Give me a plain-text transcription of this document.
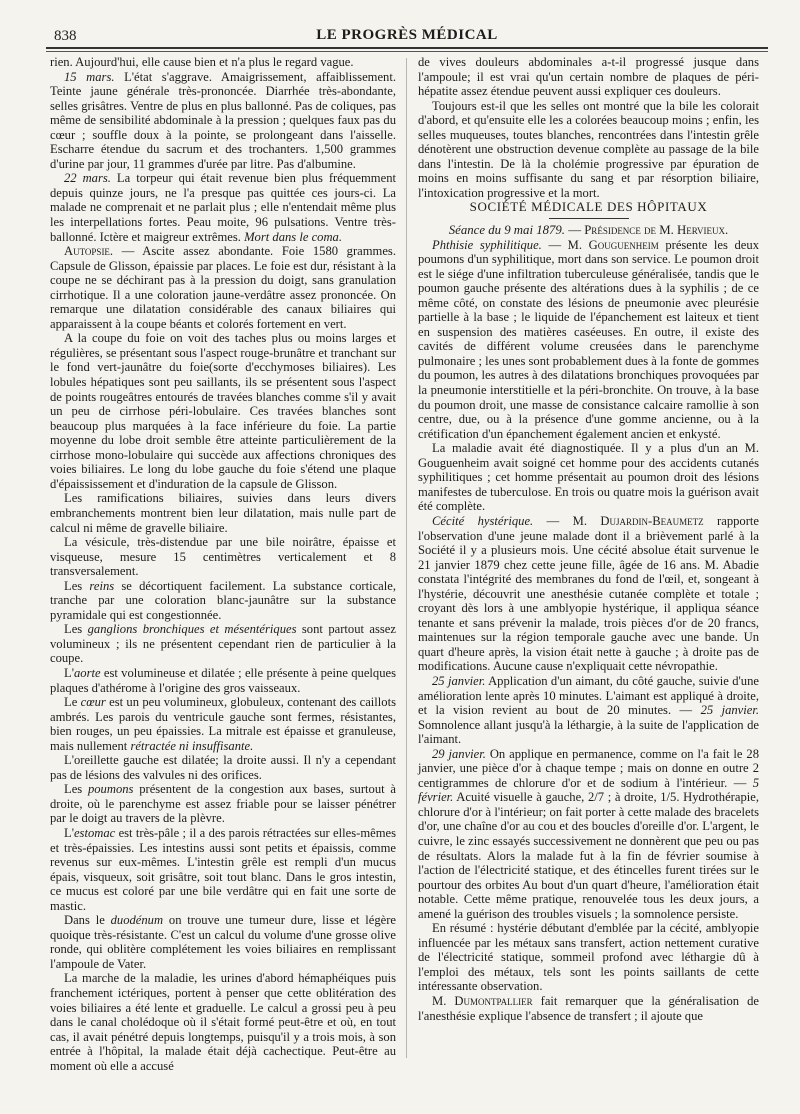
838	LE PROGRÈS MÉDICAL

rien. Aujourd'hui, elle cause bien et n'a plus le regard vague.

15 mars. L'état s'aggrave. Amaigrissement, affaiblissement. Teinte jaune générale très-prononcée. Diarrhée très-abondante, selles grisâtres. Ventre de plus en plus ballonné. Pas de coliques, pas même de sensibilité abdominale à la pression ; quelques faux pas du cœur ; souffle doux à la pointe, se prolongeant dans l'aisselle. Escharre étendue du sacrum et des trochanters. 1,500 grammes d'urine par jour, 11 grammes d'urée par litre. Pas d'albumine.

22 mars. La torpeur qui était revenue bien plus fréquemment depuis quinze jours, ne l'a presque pas quittée ces jours-ci. La malade ne comprenait et ne parlait plus ; elle n'entendait même plus les interpellations fortes. Peau moite, 96 pulsations. Ventre très-ballonné. Ictère et maigreur extrêmes. Mort dans le coma.

Autopsie. — Ascite assez abondante. Foie 1580 grammes. Capsule de Glisson, épaissie par places. Le foie est dur, résistant à la coupe ne se déchirant pas à la pression du doigt, sans granulation cirrhotique. Il a une coloration jaune-verdâtre assez prononcée. On remarque une dilatation considérable des canaux biliaires qui apparaissent à la coupe béants et colorés fortement en vert.

A la coupe du foie on voit des taches plus ou moins larges et régulières, se présentant sous l'aspect rouge-brunâtre et tranchant sur le fond vert-jaunâtre du foie(sorte d'ecchymoses biliaires). Les lobules hépatiques sont peu saillants, ils se présentent sous l'aspect de points rougeâtres entourés de travées blanches comme s'il y avait un peu de cirrhose péri-lobulaire. Ces travées blanches sont beaucoup plus marquées à la face inférieure du foie. La partie moyenne du lobe droit semble être atteinte particulièrement de la cirrhose mono-lobulaire qui succède aux affections chroniques des voies biliaires. Le long du lobe gauche du foie s'étend une plaque d'épaississement et d'induration de la capsule de Glisson.

Les ramifications biliaires, suivies dans leurs divers embranchements montrent bien leur dilatation, mais nulle part de calcul ni même de gravelle biliaire.

La vésicule, très-distendue par une bile noirâtre, épaisse et visqueuse, mesure 15 centimètres verticalement et 8 transversalement.

Les reins se décortiquent facilement. La substance corticale, tranche par une coloration blanc-jaunâtre sur la substance pyramidale qui est congestionnée.

Les ganglions bronchiques et mésentériques sont partout assez volumineux ; ils ne présentent cependant rien de particulier à la coupe.

L'aorte est volumineuse et dilatée ; elle présente à peine quelques plaques d'athérome à l'origine des gros vaisseaux.

Le cœur est un peu volumineux, globuleux, contenant des caillots ambrés. Les parois du ventricule gauche sont fermes, résistantes, bien rouges, un peu épaissies. La mitrale est épaisse et granuleuse, mais nullement rétractée ni insuffisante.

L'oreillette gauche est dilatée; la droite aussi. Il n'y a cependant pas de lésions des valvules ni des orifices.

Les poumons présentent de la congestion aux bases, surtout à droite, où le parenchyme est assez friable pour se laisser pénétrer par le doigt au travers de la plèvre.

L'estomac est très-pâle ; il a des parois rétractées sur elles-mêmes et très-épaissies. Les intestins aussi sont petits et épaissis, comme revenus sur eux-mêmes. L'intestin grêle est rempli d'un mucus épais, visqueux, soit grisâtre, soit tout blanc. Dans le gros intestin, ce mucus est coloré par une bile verdâtre qui en fait une sorte de mastic.

Dans le duodénum on trouve une tumeur dure, lisse et légère quoique très-résistante. C'est un calcul du volume d'une grosse olive ronde, qui oblitère complétement les voies biliaires en remplissant l'ampoule de Vater.

La marche de la maladie, les urines d'abord hémaphéiques puis franchement ictériques, portent à penser que cette oblitération des voies biliaires a été lente et graduelle. Le calcul a grossi peu à peu dans le canal cholédoque où il s'était formé peut-être et où, en tout cas, il avait pénétré depuis longtemps, puisqu'il y a trois mois, à son entrée à l'hôpital, la malade était déjà cachectique. Peut-être au moment où elle a accusé

de vives douleurs abdominales a-t-il progressé jusque dans l'ampoule; il est vrai qu'un certain nombre de plaques de péri-hépatite assez étendue peuvent aussi expliquer ces douleurs.

Toujours est-il que les selles ont montré que la bile les colorait d'abord, et qu'ensuite elle les a colorées beaucoup moins ; enfin, les selles muqueuses, toutes blanches, rencontrées dans l'intestin grêle dénotèrent une obstruction devenue complète au passage de la bile dans l'intestin. De là la cholémie progressive par épuration de moins en moins suffisante du sang et par résorption biliaire, l'intoxication progressive et la mort.

SOCIÉTÉ MÉDICALE DES HÔPITAUX

Séance du 9 mai 1879. — Présidence de M. Hervieux.

Phthisie syphilitique. — M. Gouguenheim présente les deux poumons d'un syphilitique, mort dans son service. Le poumon droit est le siége d'une infiltration tuberculeuse généralisée, tandis que le poumon gauche présente des altérations dues à la syphilis ; de ce même côté, on constate des lésions de pneumonie avec pleurésie partielle à la base ; le liquide de l'épanchement est laiteux et tient en suspension des matières caséeuses. En outre, il existe des cavités de différent volume creusées dans le parenchyme pulmonaire ; les unes sont probablement dues à la fonte de gommes du poumon, les autres à des dilatations bronchiques provoquées par la pneumonie interstitielle et la péri-bronchite. On trouve, à la base du poumon droit, une masse de consistance calcaire ramollie à son centre, due, ou à la présence d'une gomme ancienne, ou à la crétification d'un épanchement également ancien et enkysté.

La maladie avait été diagnostiquée. Il y a plus d'un an M. Gouguenheim avait soigné cet homme pour des accidents cutanés syphilitiques ; cet homme présentait au poumon droit des lésions manifestes de tuberculose. En trois ou quatre mois la guérison avait été complète.

Cécité hystérique. — M. Dujardin-Beaumetz rapporte l'observation d'une jeune malade dont il a brièvement parlé à la Société il y a plusieurs mois. Une cécité absolue était survenue le 21 janvier 1879 chez cette jeune fille, âgée de 16 ans. M. Abadie constata l'intégrité des membranes du fond de l'œil, et, songeant à l'hystérie, découvrit une anesthésie cutanée complète et totale ; croyant dès lors à une amblyopie hystérique, il appliqua séance tenante et sans prévenir la malade, trois pièces d'or de 20 francs, maintenues sur la région temporale gauche avec une bande. Un quart d'heure après, la vision était nette à gauche ; à droite pas de modifications. Aucune cause n'expliquait cette névropathie.

25 janvier. Application d'un aimant, du côté gauche, suivie d'une amélioration lente après 10 minutes. L'aimant est appliqué à droite, et la vision revient au bout de 20 minutes. — 25 janvier. Somnolence allant jusqu'à la léthargie, à la suite de l'application de l'aimant.

29 janvier. On applique en permanence, comme on l'a fait le 28 janvier, une pièce d'or à chaque tempe ; mais on donne en outre 2 centigrammes de chlorure d'or et de sodium à l'intérieur. — 5 février. Acuité visuelle à gauche, 2/7 ; à droite, 1/5. Hydrothérapie, chlorure d'or à l'intérieur; on fait porter à cette malade des bracelets d'or, une chaîne d'or au cou et des boucles d'oreille d'or. L'argent, le cuivre, le zinc essayés successivement ne donnèrent que peu ou pas de résultats. Alors la malade fut à la fin de février soumise à l'action de l'électricité statique, et des étincelles furent tirées sur le pourtour des orbites Au bout d'un quart d'heure, l'amélioration était notable. Cette même pratique, renouvelée tous les deux jours, a amené la guérison des troubles visuels ; la somnolence persiste.

En résumé : hystérie débutant d'emblée par la cécité, amblyopie influencée par les métaux sans transfert, action nettement curative de l'électricité statique, sommeil profond avec léthargie dû à l'emploi des métaux, tels sont les points saillants de cette intéressante observation.

M. Dumontpallier fait remarquer que la généralisation de l'anesthésie explique l'absence de transfert ; il ajoute que
